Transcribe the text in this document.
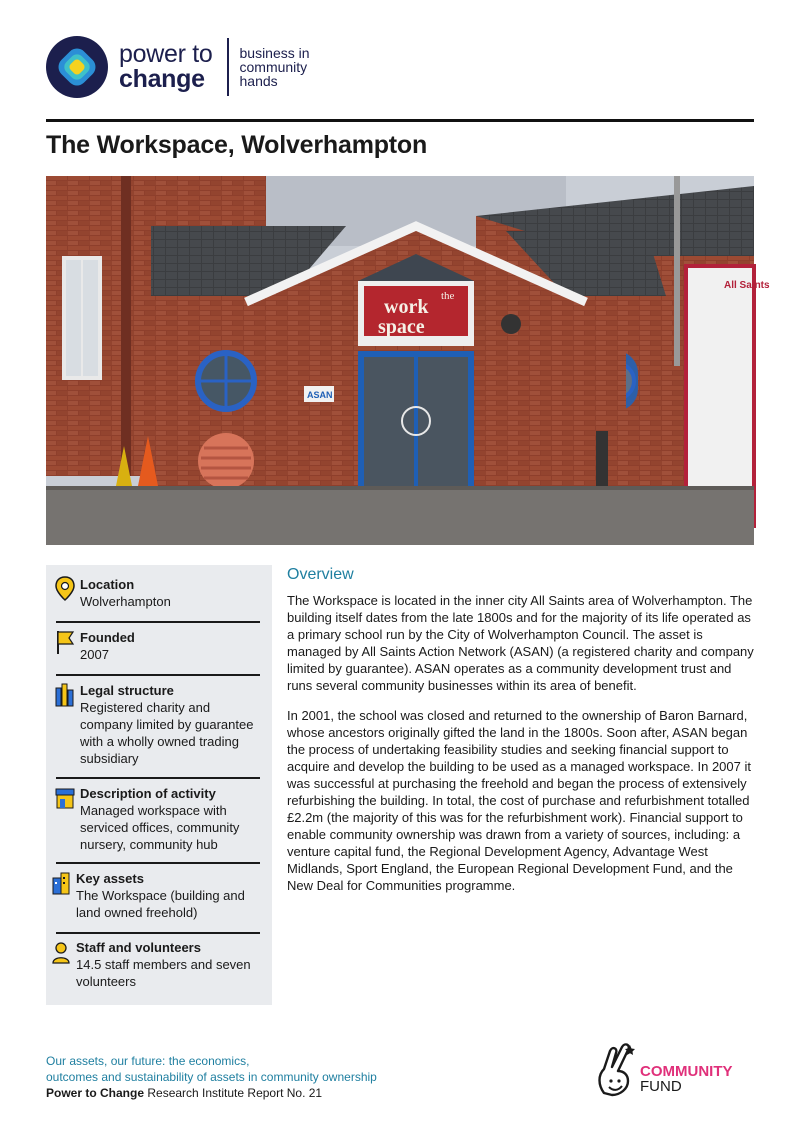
power to
change
business in
community
hands
The Workspace, Wolverhampton
All Saints
the
work
space
ASAN
Location
Wolverhampton
Founded
2007
Legal structure
Registered charity and company limited by guarantee with a wholly owned trading subsidiary
Description of activity
Managed workspace with serviced offices, community nursery, community hub
Key assets
The Workspace (building and land owned freehold)
Staff and volunteers
14.5 staff members and seven volunteers
Overview

The Workspace is located in the inner city All Saints area of Wolverhampton. The building itself dates from the late 1800s and for the majority of its life operated as a primary school run by the City of Wolverhampton Council. The asset is managed by All Saints Action Network (ASAN) (a registered charity and company limited by guarantee). ASAN operates as a community development trust and runs several community businesses within its area of benefit.

In 2001, the school was closed and returned to the ownership of Baron Barnard, whose ancestors originally gifted the land in the 1800s. Soon after, ASAN began the process of undertaking feasibility studies and seeking financial support to acquire and develop the building to be used as a managed workspace. In 2007 it was successful at purchasing the freehold and began the process of extensively refurbishing the building. In total, the cost of purchase and refurbishment totalled £2.2m (the majority of this was for the refurbishment work). Financial support to enable community ownership was drawn from a variety of sources, including: a venture capital fund, the Regional Development Agency, Advantage West Midlands, Sport England, the European Regional Development Fund, and the New Deal for Communities programme.

Our assets, our future: the economics,
outcomes and sustainability of assets in community ownership
Power to Change Research Institute Report No. 21
COMMUNITY
FUND
